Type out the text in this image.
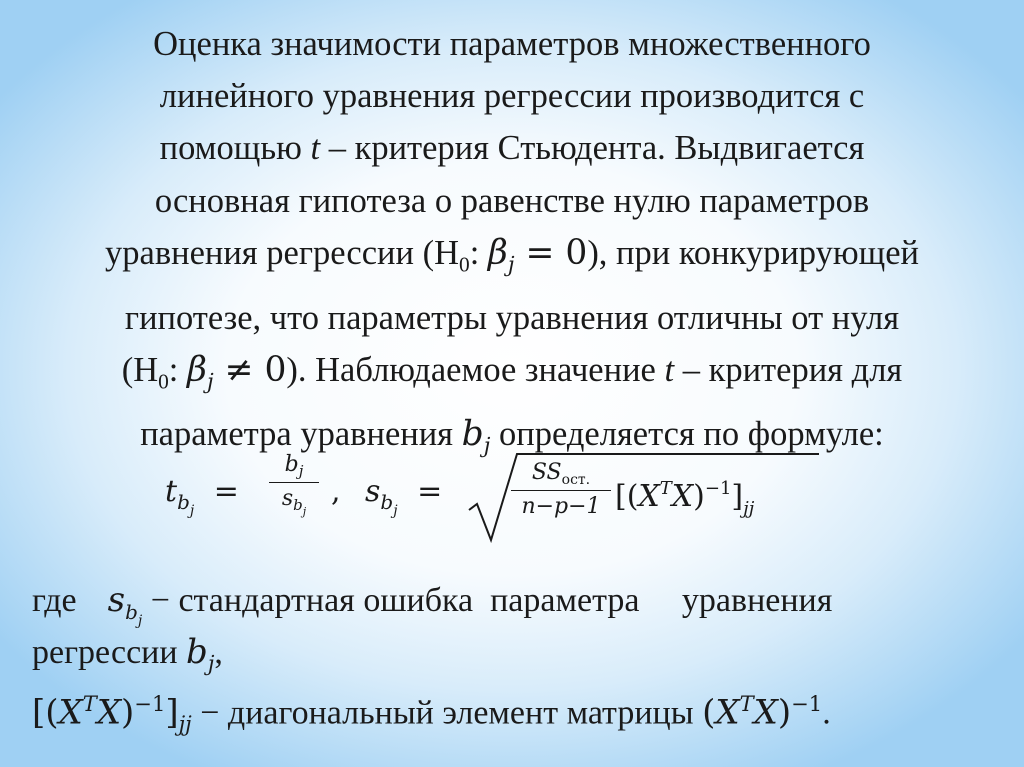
Оценка значимости параметров множественного
линейного уравнения регрессии производится с
помощью t – критерия Стьюдента. Выдвигается
основная гипотеза о равенстве нулю параметров
уравнения регрессии ($Н_0$: $\beta_j = 0$), при конкурирующей
гипотезе, что параметры уравнения отличны от нуля
($Н_0$: $\beta_j \ne 0$). Наблюдаемое значение t – критерия для
параметра уравнения $b_j$ определяется по формуле:
$t_{bj}$ =
$b_j$
$s_{bj}$
, $s_{bj}$ =
$SS_{ост.}$
n−p−1 $[(X^TX)^{-1}]_{jj}$
где $s_{bj}$ − стандартная ошибка  параметра     уравнения
регрессии $b_j$,
$[(X^TX)^{-1}]_{jj}$ − диагональный элемент матрицы $(X^TX)^{-1}$.
